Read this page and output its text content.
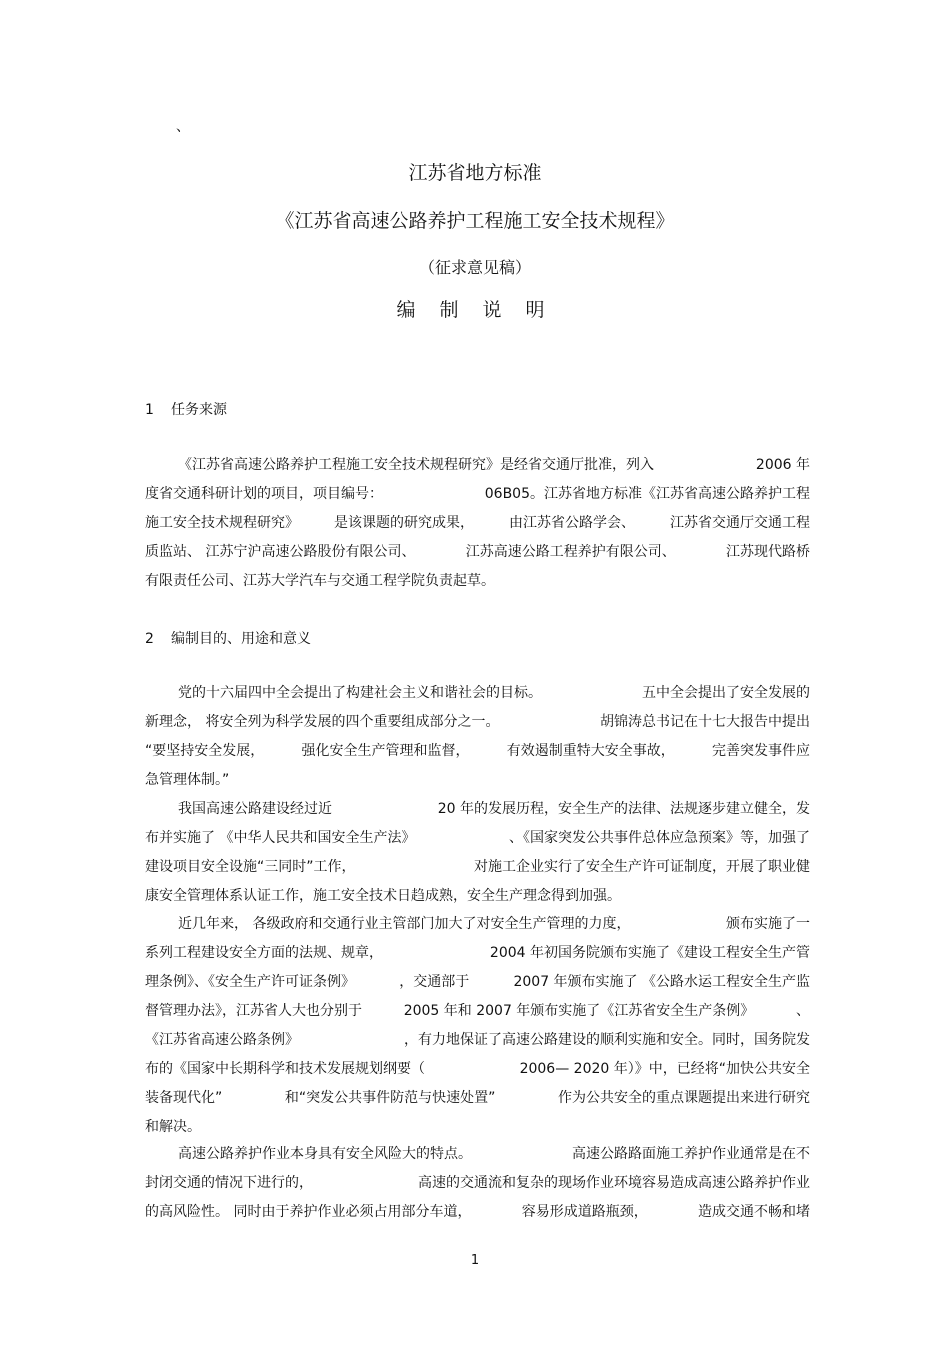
、
江苏省地方标准
《江苏省高速公路养护工程施工安全技术规程》
（征求意见稿）
编 制 说 明
1 任务来源
《江苏省高速公路养护工程施工安全技术规程研究》是经省交通厅批准，列入	2006 年
度省交通科研计划的项目，项目编号：	06B05。江苏省地方标准《江苏省高速公路养护工程
施工安全技术规程研究》	是该课题的研究成果，	由江苏省公路学会、	江苏省交通厅交通工程
质监站、 江苏宁沪高速公路股份有限公司、	江苏高速公路工程养护有限公司、	江苏现代路桥
有限责任公司、江苏大学汽车与交通工程学院负责起草。
2 编制目的、用途和意义
党的十六届四中全会提出了构建社会主义和谐社会的目标。	五中全会提出了安全发展的
新理念， 将安全列为科学发展的四个重要组成部分之一。	胡锦涛总书记在十七大报告中提出
“要坚持安全发展，	强化安全生产管理和监督，	有效遏制重特大安全事故，	完善突发事件应
急管理体制。”
我国高速公路建设经过近	20 年的发展历程，安全生产的法律、法规逐步建立健全，发
布并实施了 《中华人民共和国安全生产法》	、《国家突发公共事件总体应急预案》等，加强了
建设项目安全设施“三同时”工作，	对施工企业实行了安全生产许可证制度，开展了职业健
康安全管理体系认证工作，施工安全技术日趋成熟，安全生产理念得到加强。
近几年来， 各级政府和交通行业主管部门加大了对安全生产管理的力度，	颁布实施了一
系列工程建设安全方面的法规、规章，	2004 年初国务院颁布实施了《建设工程安全生产管
理条例》、《安全生产许可证条例》	，交通部于	2007 年颁布实施了 《公路水运工程安全生产监
督管理办法》，江苏省人大也分别于	2005 年和 2007 年颁布实施了《江苏省安全生产条例》	、
《江苏省高速公路条例》	，有力地保证了高速公路建设的顺利实施和安全。同时，国务院发
布的《国家中长期科学和技术发展规划纲要（	2006— 2020 年）》中，已经将“加快公共安全
装备现代化”	和“突发公共事件防范与快速处置”	作为公共安全的重点课题提出来进行研究
和解决。
高速公路养护作业本身具有安全风险大的特点。	高速公路路面施工养护作业通常是在不
封闭交通的情况下进行的，	高速的交通流和复杂的现场作业环境容易造成高速公路养护作业
的高风险性。 同时由于养护作业必须占用部分车道，	容易形成道路瓶颈，	造成交通不畅和堵
1
